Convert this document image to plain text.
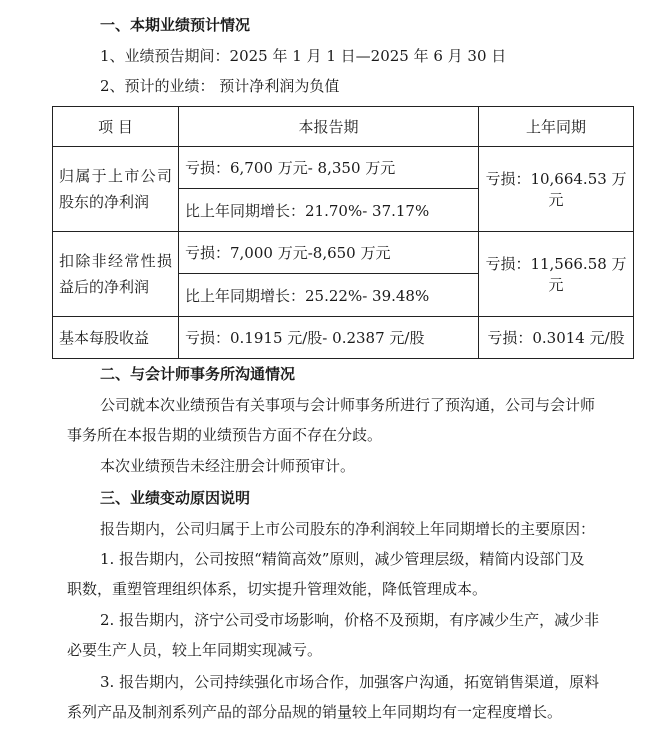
一、本期业绩预计情况
1、业绩预告期间：2025 年 1 月 1 日—2025 年 6 月 30 日
2、预计的业绩： 预计净利润为负值
项 目	本报告期	上年同期

归属于上市公司
股东的净利润	亏损：6,700 万元- 8,350 万元	亏损：10,664.53 万元
	比上年同期增长：21.70%- 37.17%	

扣除非经常性损
益后的净利润	亏损：7,000 万元-8,650 万元	亏损：11,566.58 万元
	比上年同期增长：25.22%- 39.48%	
基本每股收益	亏损：0.1915 元/股- 0.2387 元/股	亏损：0.3014 元/股
二、与会计师事务所沟通情况
公司就本次业绩预告有关事项与会计师事务所进行了预沟通，公司与会计师
事务所在本报告期的业绩预告方面不存在分歧。
本次业绩预告未经注册会计师预审计。
三、业绩变动原因说明
报告期内，公司归属于上市公司股东的净利润较上年同期增长的主要原因：
1. 报告期内，公司按照“精简高效”原则，减少管理层级，精简内设部门及
职数，重塑管理组织体系，切实提升管理效能，降低管理成本。
2. 报告期内，济宁公司受市场影响，价格不及预期，有序减少生产，减少非
必要生产人员，较上年同期实现减亏。
3. 报告期内，公司持续强化市场合作，加强客户沟通，拓宽销售渠道，原料
系列产品及制剂系列产品的部分品规的销量较上年同期均有一定程度增长。
